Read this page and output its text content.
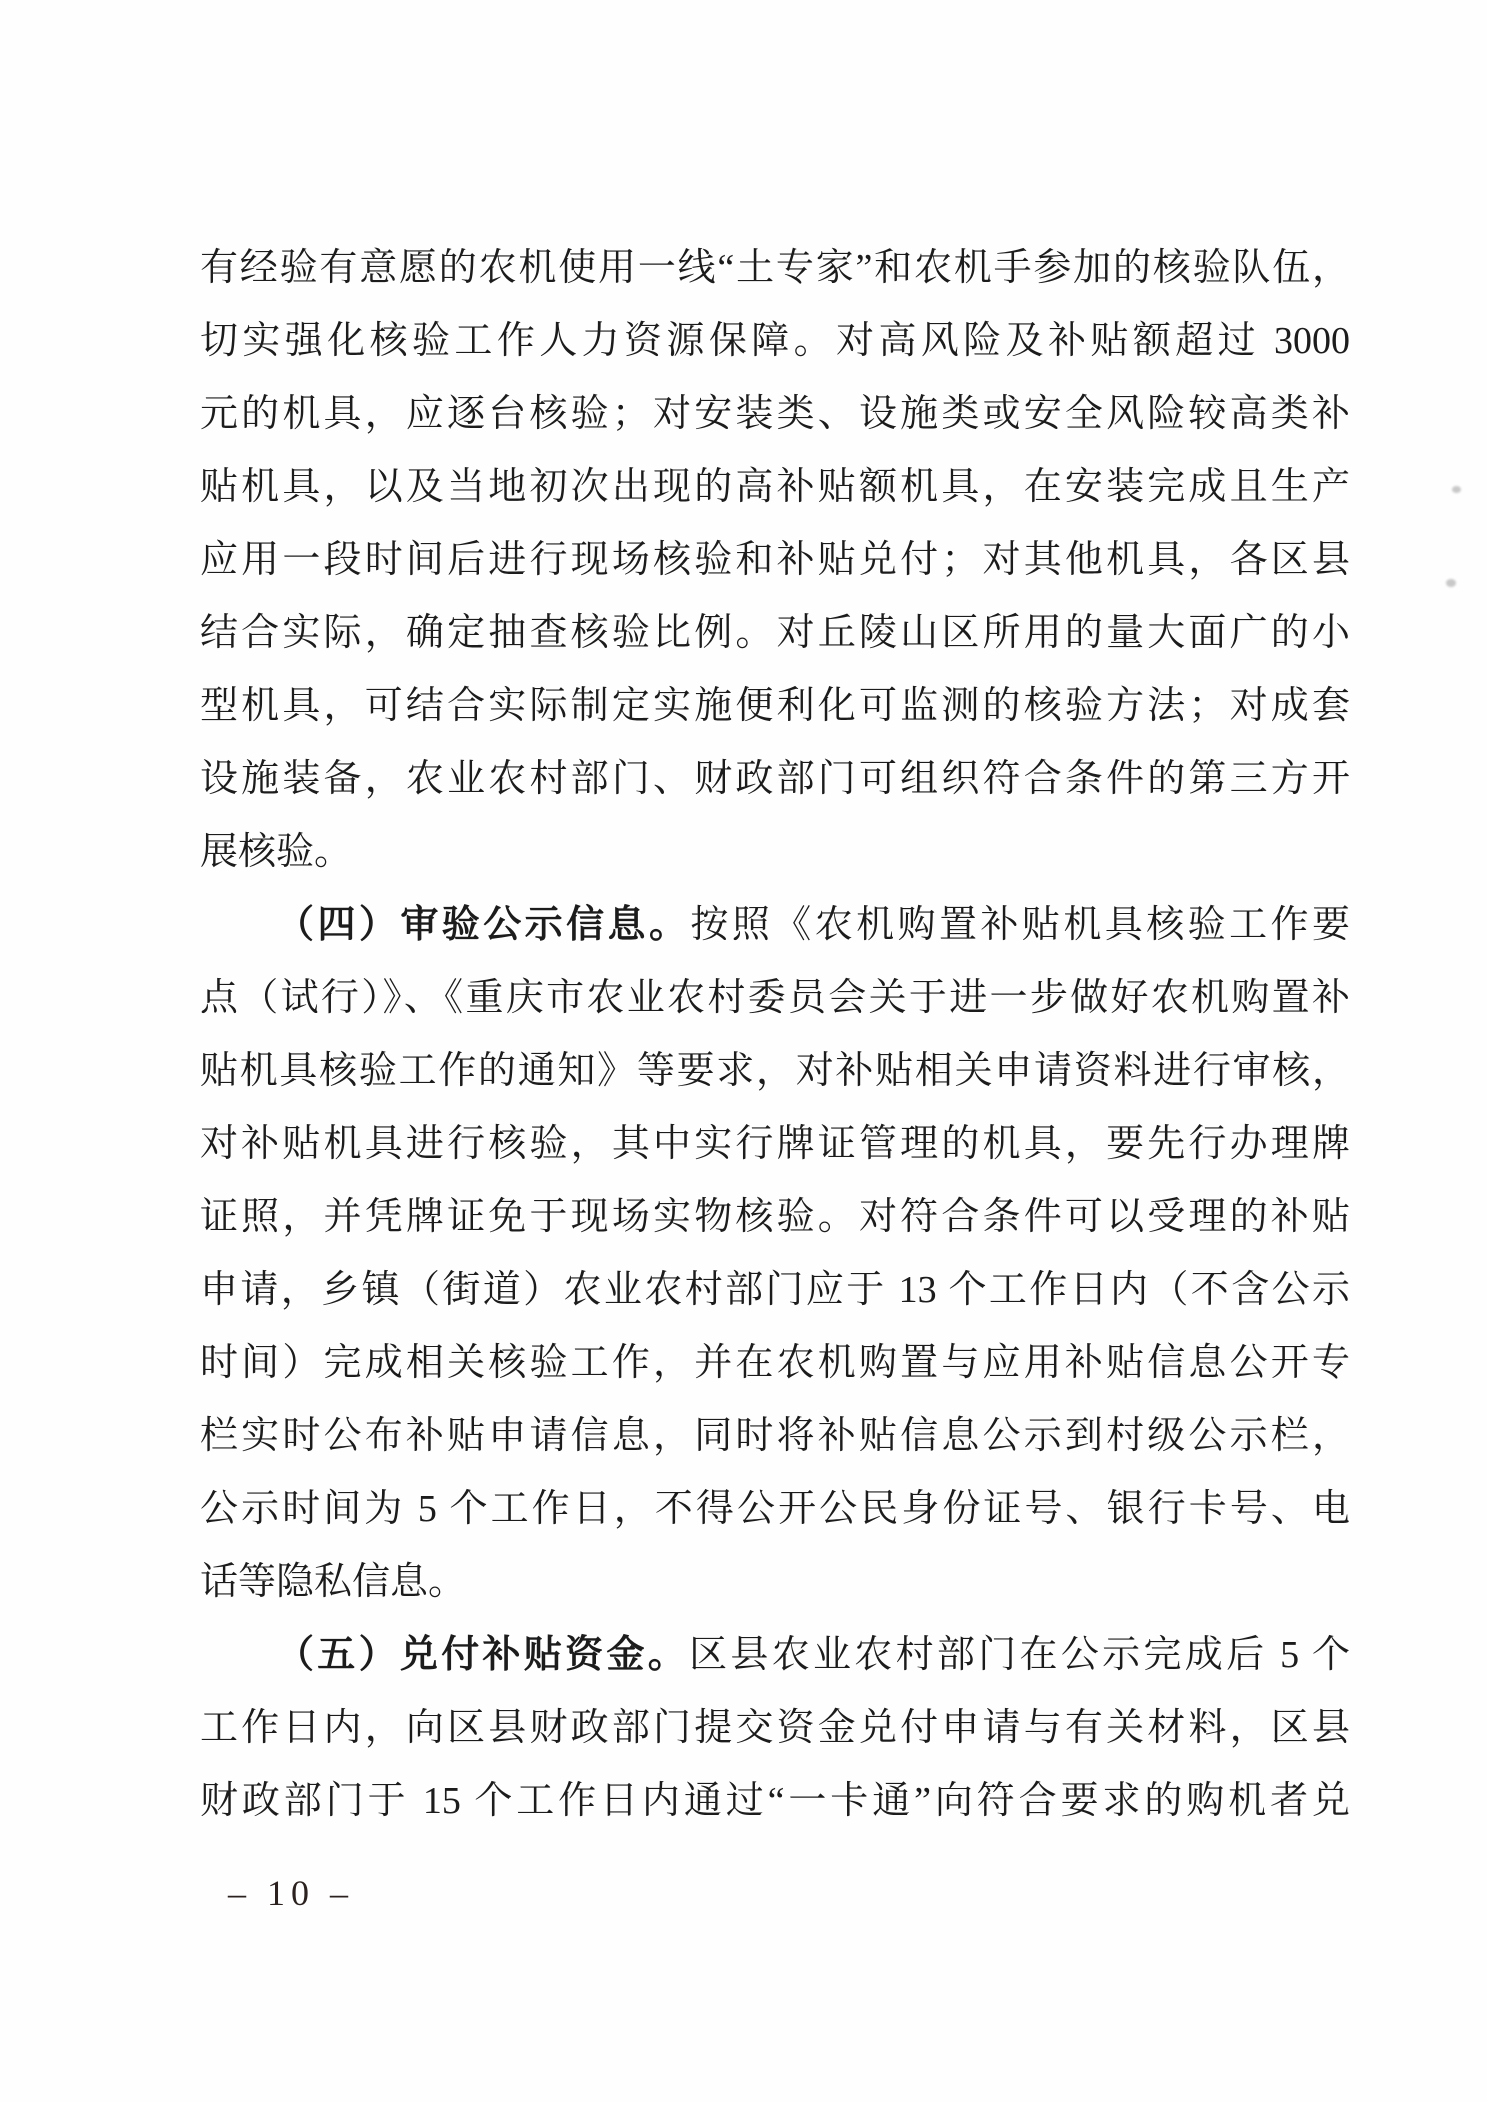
有经验有意愿的农机使用一线“土专家”和农机手参加的核验队伍，
切实强化核验工作人力资源保障。对高风险及补贴额超过 3000
元的机具，应逐台核验；对安装类、设施类或安全风险较高类补
贴机具，以及当地初次出现的高补贴额机具，在安装完成且生产
应用一段时间后进行现场核验和补贴兑付；对其他机具，各区县
结合实际，确定抽查核验比例。对丘陵山区所用的量大面广的小
型机具，可结合实际制定实施便利化可监测的核验方法；对成套
设施装备，农业农村部门、财政部门可组织符合条件的第三方开
展核验。
（四）审验公示信息。按照《农机购置补贴机具核验工作要
点（试行）》、《重庆市农业农村委员会关于进一步做好农机购置补
贴机具核验工作的通知》等要求，对补贴相关申请资料进行审核，
对补贴机具进行核验，其中实行牌证管理的机具，要先行办理牌
证照，并凭牌证免于现场实物核验。对符合条件可以受理的补贴
申请，乡镇（街道）农业农村部门应于 13 个工作日内（不含公示
时间）完成相关核验工作，并在农机购置与应用补贴信息公开专
栏实时公布补贴申请信息，同时将补贴信息公示到村级公示栏，
公示时间为 5 个工作日，不得公开公民身份证号、银行卡号、电
话等隐私信息。
（五）兑付补贴资金。区县农业农村部门在公示完成后 5 个
工作日内，向区县财政部门提交资金兑付申请与有关材料，区县
财政部门于 15 个工作日内通过“一卡通”向符合要求的购机者兑
– 10 –
